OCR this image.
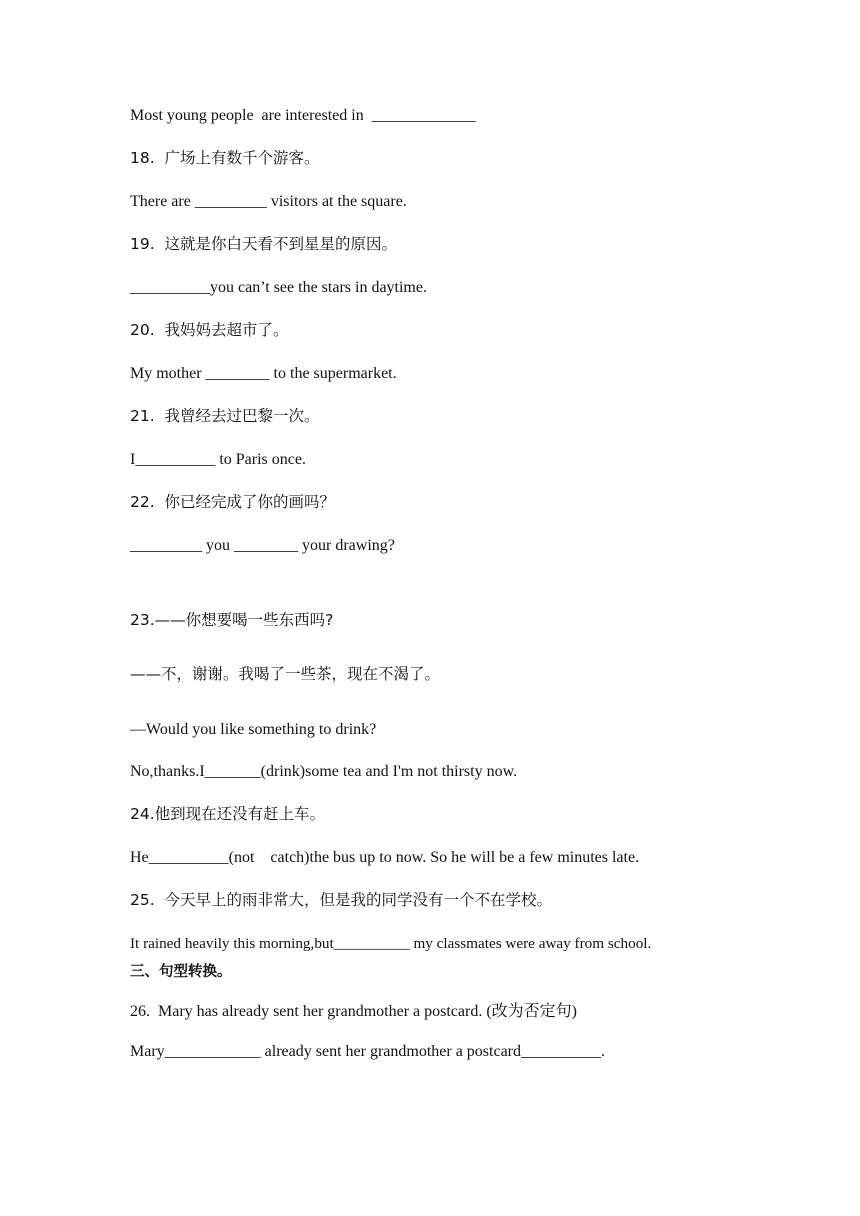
Most young people  are interested in  _____________
18.  广场上有数千个游客。
There are _________ visitors at the square.
19.  这就是你白天看不到星星的原因。
__________you can’t see the stars in daytime.
20.  我妈妈去超市了。
My mother ________ to the supermarket.
21.  我曾经去过巴黎一次。
I__________ to Paris once.
22.  你已经完成了你的画吗？
_________ you ________ your drawing?
23.——你想要喝一些东西吗?
——不，谢谢。我喝了一些茶，现在不渴了。
—Would you like something to drink?
No,thanks.I_______(drink)some tea and I'm not thirsty now.
24.他到现在还没有赶上车。
He__________(not    catch)the bus up to now. So he will be a few minutes late.
25.  今天早上的雨非常大，但是我的同学没有一个不在学校。
It rained heavily this morning,but__________ my classmates were away from school.
三、句型转换。
26.  Mary has already sent her grandmother a postcard. (改为否定句)
Mary____________ already sent her grandmother a postcard__________.
